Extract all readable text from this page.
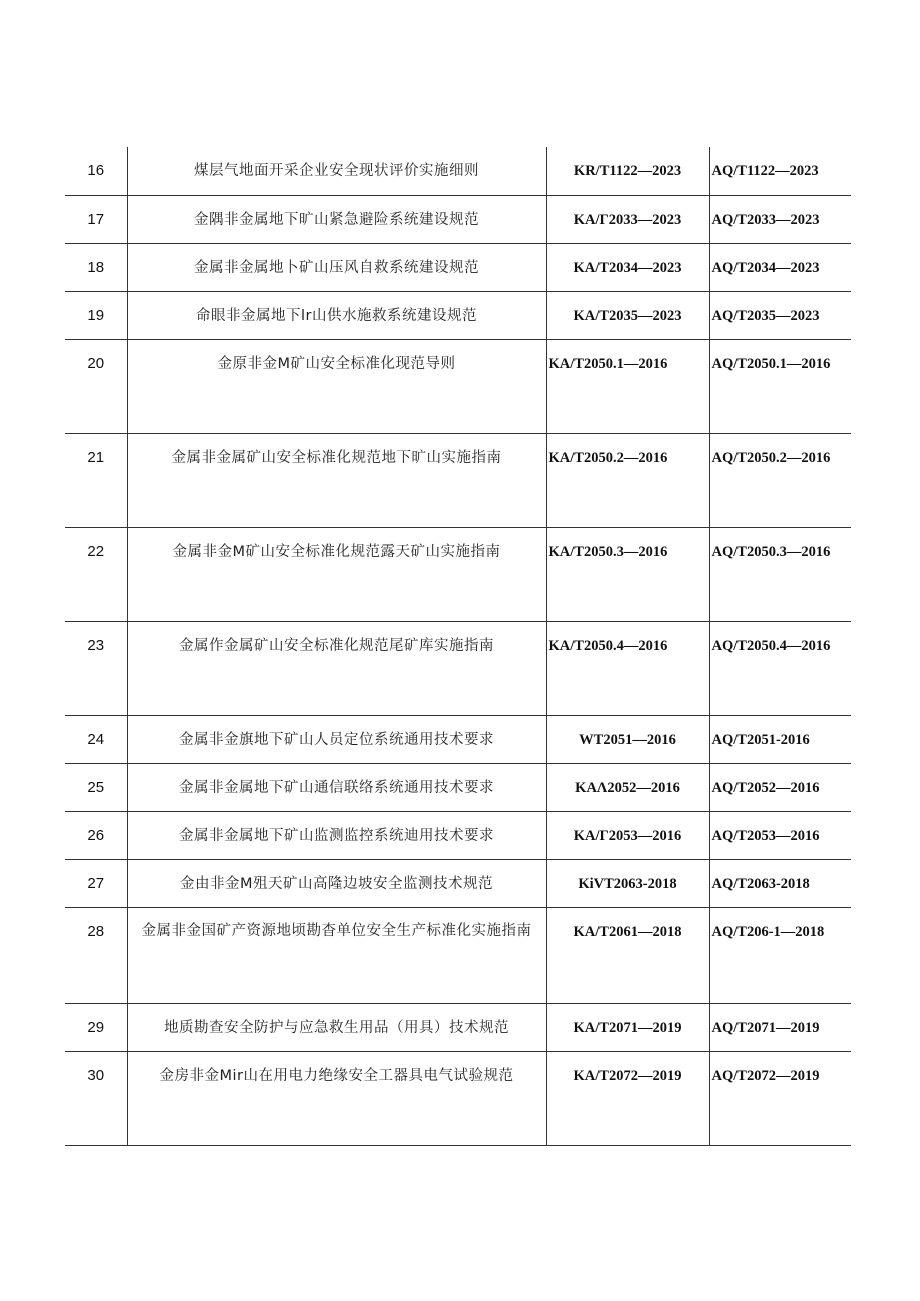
16	煤层气地面开采企业安全现状评价实施细则	KR/T1122—2023	AQ/T1122—2023

17	金隅非金属地下旷山紧急避险系统建设规范	KA/Γ2033—2023	AQ/T2033—2023

18	金属非金属地卜矿山压风自救系统建设规范	KA/T2034—2023	AQ/T2034—2023

19	命眼非金属地下lr山供水施救系统建设规范	KA/T2035—2023	AQ/T2035—2023

20	金原非金M矿山安全标准化现范导则	KA/T2050.1—2016	AQ/T2050.1—2016

21	金属非金属矿山安全标准化规范地下旷山实施指南	KA/T2050.2—2016	AQ/T2050.2—2016

22	金属非金M矿山安全标准化规范露天矿山实施指南	KA/T2050.3—2016	AQ/T2050.3—2016

23	金属作金属矿山安全标准化规范尾矿库实施指南	KA/T2050.4—2016	AQ/T2050.4—2016

24	金属非金旗地下矿山人员定位系统通用技术要求	WT2051—2016	AQ/T2051-2016

25	金属非金属地下矿山通信联络系统通用技术要求	KAΛ2052—2016	AQ/T2052—2016

26	金属非金属地下矿山监测监控系统迪用技术要求	KA/Γ2053—2016	AQ/T2053—2016

27	金由非金M殂天矿山高隆边坡安全监测技术规范	KiVT2063-2018	AQ/T2063-2018

28	金属非金国矿产资源地顷勘杳单位安全生产标准化实施指南	KA/T2061—2018	AQ/T206-1—2018

29	地质勘查安全防护与应急救生用品（用具）技术规范	KA/T2071—2019	AQ/T2071—2019

30	金房非金Mir山在用电力绝缘安全工器具电气试验规范	KA/T2072—2019	AQ/T2072—2019
